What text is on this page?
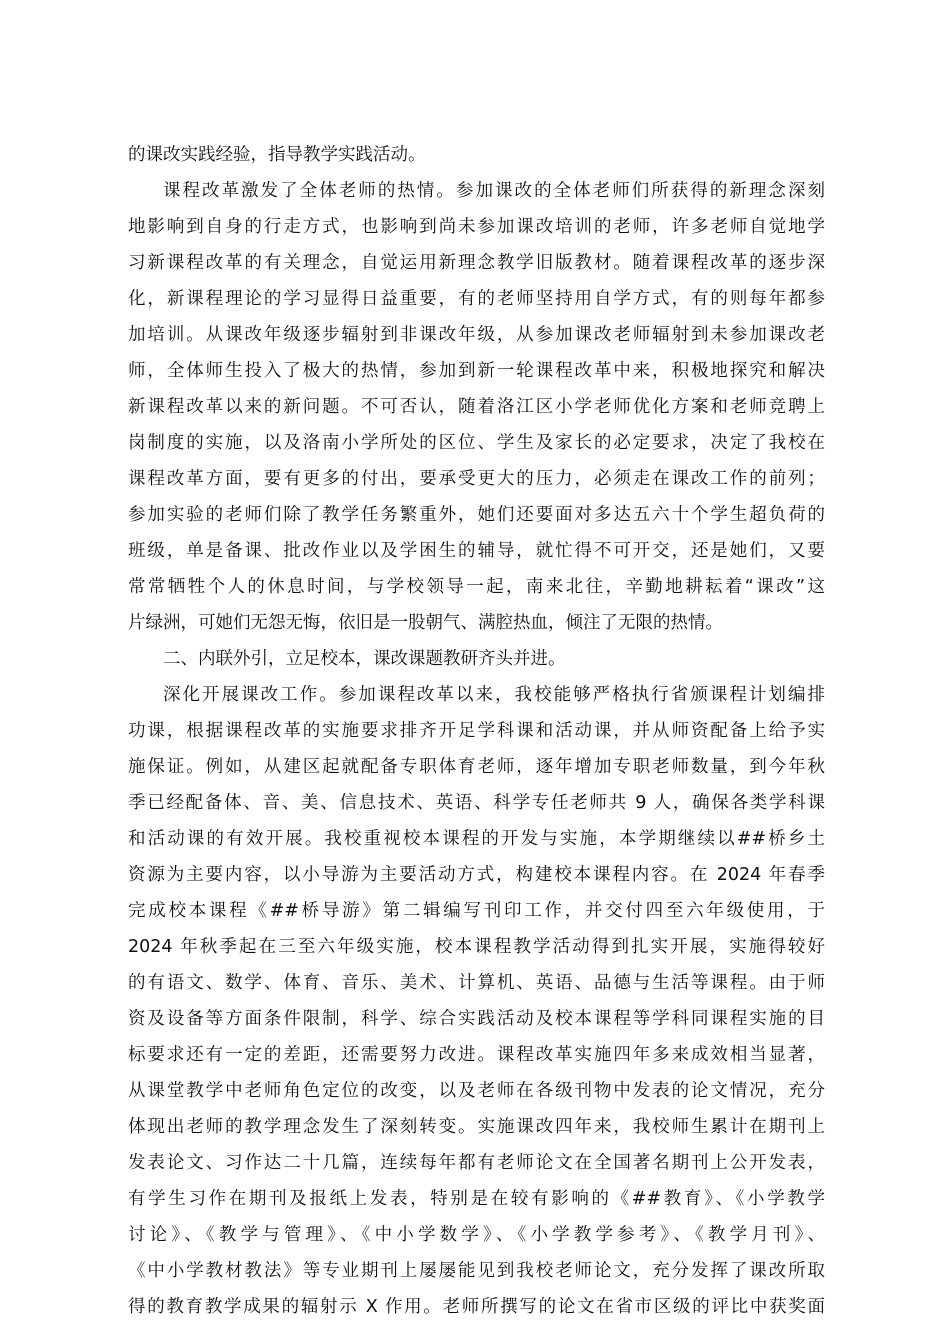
的课改实践经验，指导教学实践活动。
课程改革激发了全体老师的热情。参加课改的全体老师们所获得的新理念深刻
地影响到自身的行走方式，也影响到尚未参加课改培训的老师，许多老师自觉地学
习新课程改革的有关理念，自觉运用新理念教学旧版教材。随着课程改革的逐步深
化，新课程理论的学习显得日益重要，有的老师坚持用自学方式，有的则每年都参
加培训。从课改年级逐步辐射到非课改年级，从参加课改老师辐射到未参加课改老
师，全体师生投入了极大的热情，参加到新一轮课程改革中来，积极地探究和解决
新课程改革以来的新问题。不可否认，随着洛江区小学老师优化方案和老师竞聘上
岗制度的实施，以及洛南小学所处的区位、学生及家长的必定要求，决定了我校在
课程改革方面，要有更多的付出，要承受更大的压力，必须走在课改工作的前列；
参加实验的老师们除了教学任务繁重外，她们还要面对多达五六十个学生超负荷的
班级，单是备课、批改作业以及学困生的辅导，就忙得不可开交，还是她们，又要
常常牺牲个人的休息时间，与学校领导一起，南来北往，辛勤地耕耘着“课改”这
片绿洲，可她们无怨无悔，依旧是一股朝气、满腔热血，倾注了无限的热情。
二、内联外引，立足校本，课改课题教研齐头并进。
深化开展课改工作。参加课程改革以来，我校能够严格执行省颁课程计划编排
功课，根据课程改革的实施要求排齐开足学科课和活动课，并从师资配备上给予实
施保证。例如，从建区起就配备专职体育老师，逐年增加专职老师数量，到今年秋
季已经配备体、音、美、信息技术、英语、科学专任老师共 9 人，确保各类学科课
和活动课的有效开展。我校重视校本课程的开发与实施，本学期继续以##桥乡土
资源为主要内容，以小导游为主要活动方式，构建校本课程内容。在 2024 年春季
完成校本课程《##桥导游》第二辑编写刊印工作，并交付四至六年级使用，于
2024 年秋季起在三至六年级实施，校本课程教学活动得到扎实开展，实施得较好
的有语文、数学、体育、音乐、美术、计算机、英语、品德与生活等课程。由于师
资及设备等方面条件限制，科学、综合实践活动及校本课程等学科同课程实施的目
标要求还有一定的差距，还需要努力改进。课程改革实施四年多来成效相当显著，
从课堂教学中老师角色定位的改变，以及老师在各级刊物中发表的论文情况，充分
体现出老师的教学理念发生了深刻转变。实施课改四年来，我校师生累计在期刊上
发表论文、习作达二十几篇，连续每年都有老师论文在全国著名期刊上公开发表，
有学生习作在期刊及报纸上发表，特别是在较有影响的《##教育》、《小学教学
讨论》、《教学与管理》、《中小学数学》、《小学教学参考》、《教学月刊》、
《中小学教材教法》等专业期刊上屡屡能见到我校老师论文，充分发挥了课改所取
得的教育教学成果的辐射示 X 作用。老师所撰写的论文在省市区级的评比中获奖面
